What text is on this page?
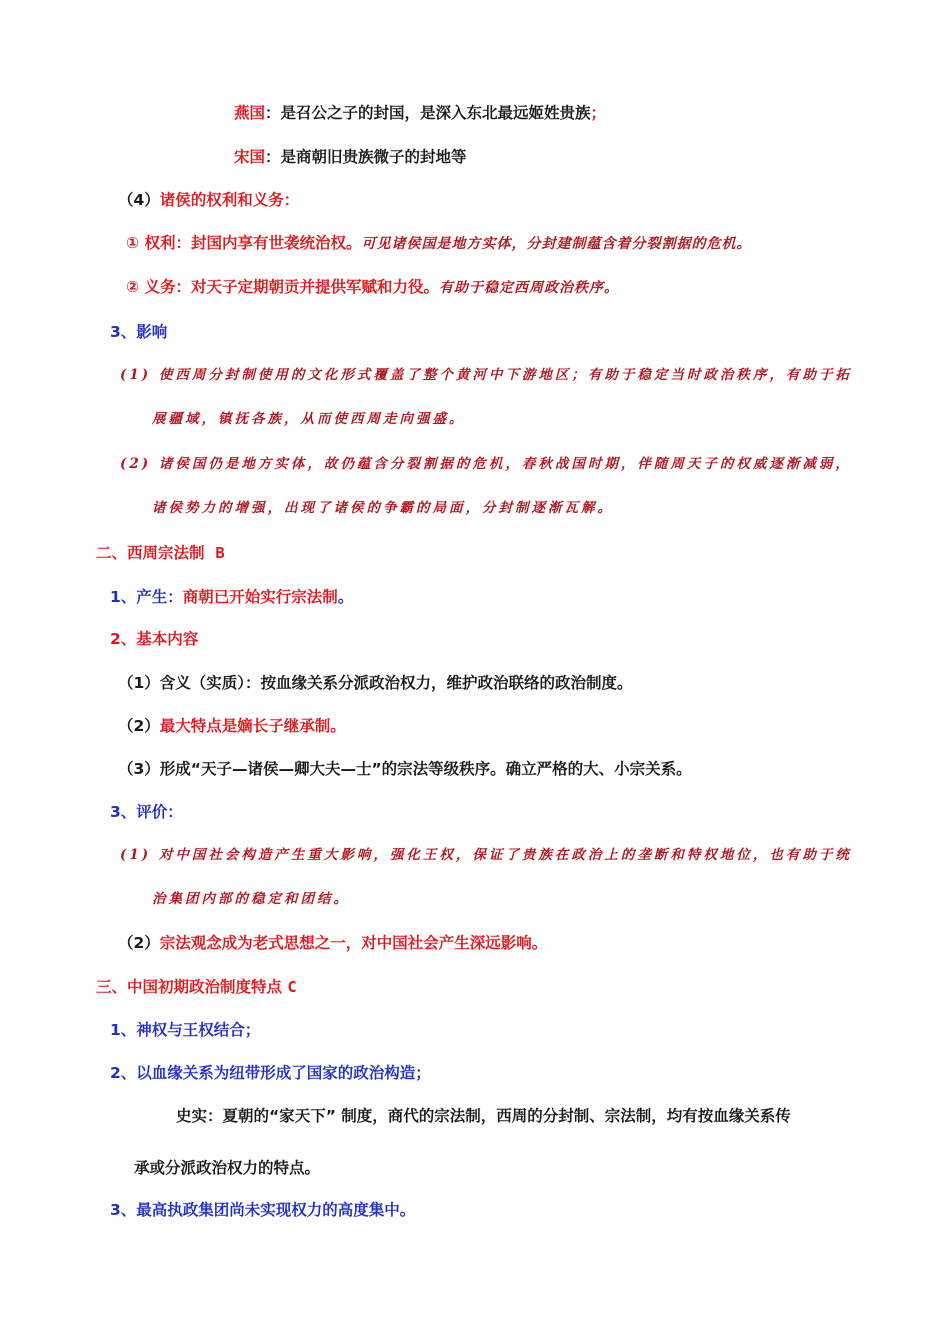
燕国：是召公之子的封国，是深入东北最远姬姓贵族；
宋国：是商朝旧贵族微子的封地等
（4）诸侯的权利和义务：
① 权利：封国内享有世袭统治权。可见诸侯国是地方实体，分封建制蕴含着分裂割据的危机。
② 义务：对天子定期朝贡并提供军赋和力役。有助于稳定西周政治秩序。
3、影响
(1) 使西周分封制使用的文化形式覆盖了整个黄河中下游地区；有助于稳定当时政治秩序，有助于拓
展疆域，镇抚各族，从而使西周走向强盛。
(2) 诸侯国仍是地方实体，故仍蕴含分裂割据的危机，春秋战国时期，伴随周天子的权威逐渐减弱，
诸侯势力的增强，出现了诸侯的争霸的局面，分封制逐渐瓦解。
二、西周宗法制 B
1、产生：商朝已开始实行宗法制。
2、基本内容
（1）含义（实质）：按血缘关系分派政治权力，维护政治联络的政治制度。
（2）最大特点是嫡长子继承制。
（3）形成“天子—诸侯—卿大夫—士”的宗法等级秩序。确立严格的大、小宗关系。
3、评价：
(1) 对中国社会构造产生重大影响，强化王权，保证了贵族在政治上的垄断和特权地位，也有助于统
治集团内部的稳定和团结。
（2）宗法观念成为老式思想之一，对中国社会产生深远影响。
三、中国初期政治制度特点 C
1、神权与王权结合；
2、以血缘关系为纽带形成了国家的政治构造；
史实：夏朝的“家天下” 制度，商代的宗法制，西周的分封制、宗法制，均有按血缘关系传
承或分派政治权力的特点。
3、最高执政集团尚未实现权力的高度集中。
